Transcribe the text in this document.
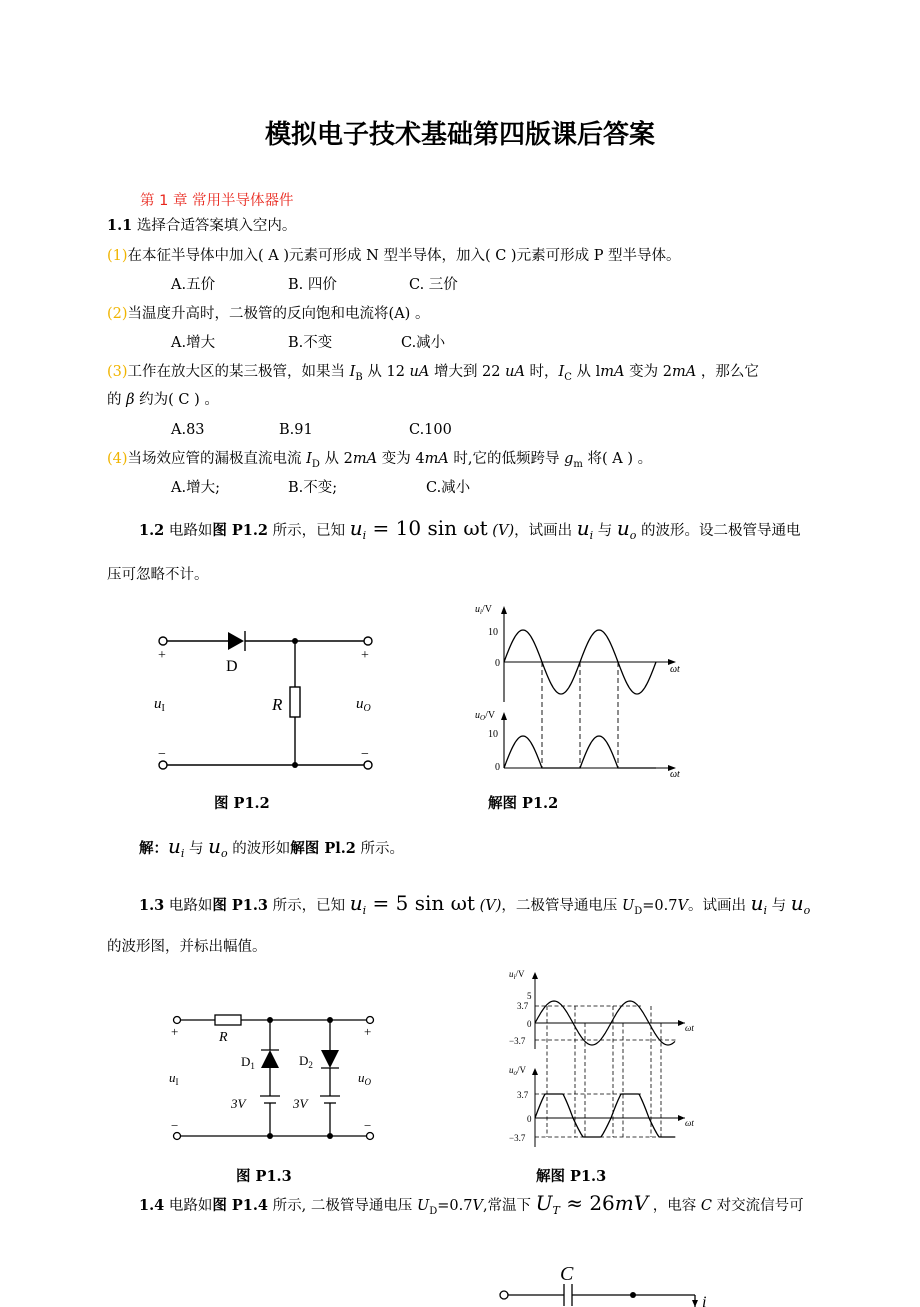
模拟电子技术基础第四版课后答案
第 1 章 常用半导体器件
1.1 选择合适答案填入空内。
(1)在本征半导体中加入( A )元素可形成 N 型半导体，加入( C )元素可形成 P 型半导体。
A.五价	B. 四价	C. 三价
(2)当温度升高时，二极管的反向饱和电流将(A) 。
A.增大	B.不变	C.减小
(3)工作在放大区的某三极管，如果当 $I_B$ 从 12 uA 增大到 22 uA 时，$I_C$ 从 lmA 变为 2mA ，那么它
的 β 约为( C ) 。
A.83	B.91	C.100
(4)当场效应管的漏极直流电流 $I_D$ 从 2mA 变为 4mA 时,它的低频跨导 $g_m$ 将( A ) 。
A.增大;	B.不变;	C.减小
1.2 电路如图 P1.2 所示，已知 $u_i = 10$ sin ωt (V)，试画出 $u_i$ 与 $u_o$ 的波形。设二极管导通电
压可忽略不计。
+	+
−	−
D
R
$u_I$	$u_O$
$u_i/V$
10
0
ωt
$u_O/V$
10
0
ωt
图 P1.2	解图 P1.2
解：$u_i$ 与 $u_o$ 的波形如解图 Pl.2 所示。
1.3 电路如图 P1.3 所示，已知 $u_i = 5$ sin ωt (V)，二极管导通电压 $U_D=0.7V$。试画出 $u_i$ 与 $u_o$
的波形图，并标出幅值。
+	+
−	−
R
$D_1$	$D_2$
3V	3V
$u_I$	$u_O$
$u_i/V$
5
3.7
0
−3.7
ωt
$u_o/V$
3.7
0
−3.7
ωt
图 P1.3	解图 P1.3
1.4 电路如图 P1.4 所示, 二极管导通电压 $U_D=0.7V$,常温下 $U_T \approx 26mV$ ，电容 C 对交流信号可
C
i
